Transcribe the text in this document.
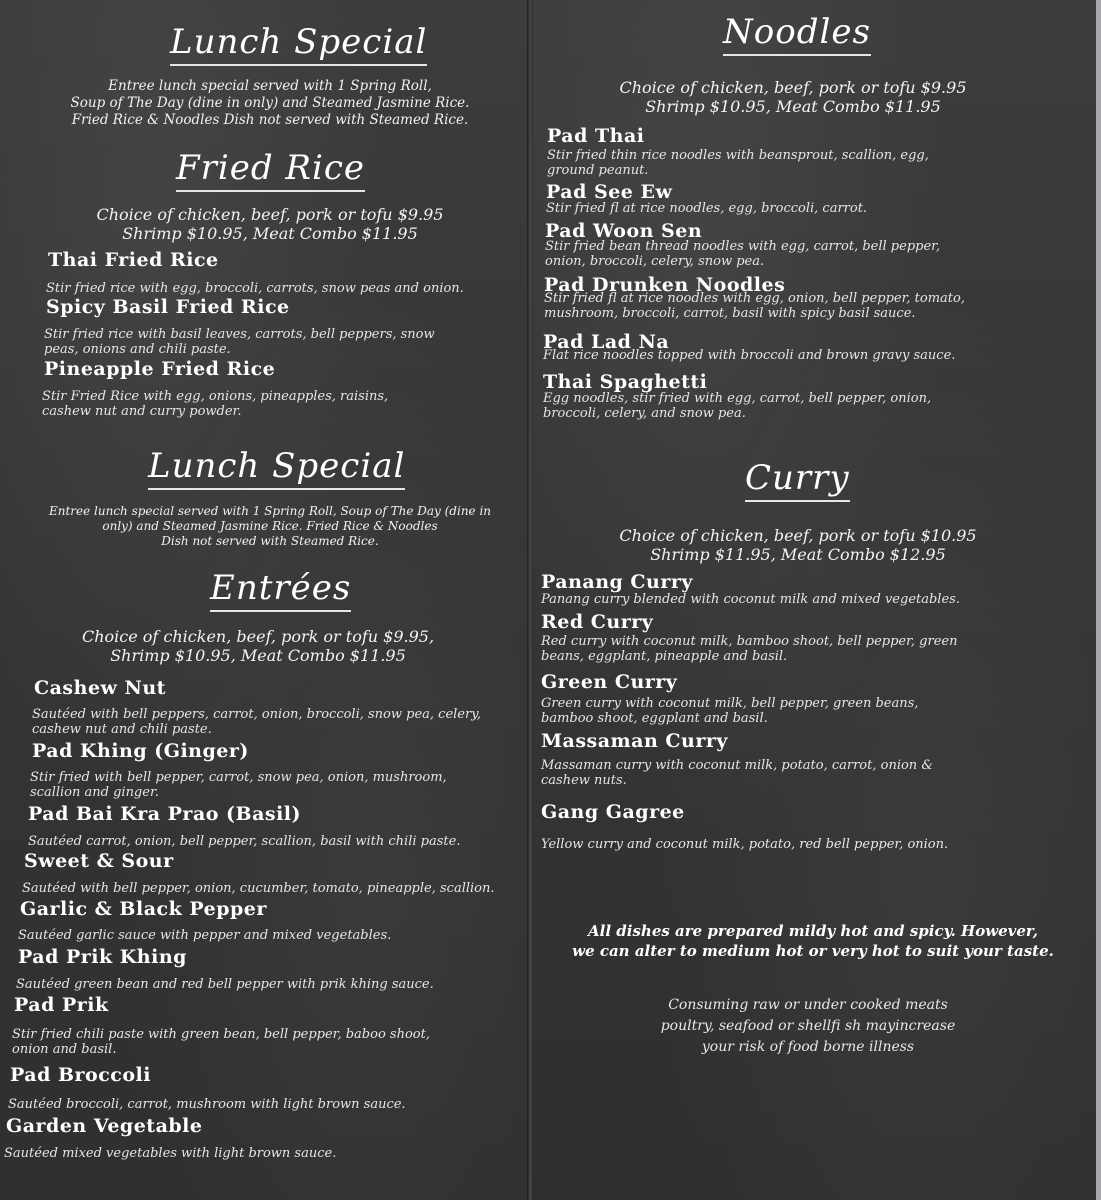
Lunch Special
Entree lunch special served with 1 Spring Roll,
Soup of The Day (dine in only) and Steamed Jasmine Rice.
Fried Rice & Noodles Dish not served with Steamed Rice.
Fried Rice
Choice of chicken, beef, pork or tofu $9.95
Shrimp $10.95, Meat Combo $11.95
Thai Fried Rice
Stir fried rice with egg, broccoli, carrots, snow peas and onion.
Spicy Basil Fried Rice
Stir fried rice with basil leaves, carrots, bell peppers, snow
peas, onions and chili paste.
Pineapple Fried Rice
Stir Fried Rice with egg, onions, pineapples, raisins,
cashew nut and curry powder.
Lunch Special
Entree lunch special served with 1 Spring Roll, Soup of The Day (dine in
only) and Steamed Jasmine Rice. Fried Rice & Noodles
Dish not served with Steamed Rice.
Entrées
Choice of chicken, beef, pork or tofu $9.95,
Shrimp $10.95, Meat Combo $11.95
Cashew Nut
Sautéed with bell peppers, carrot, onion, broccoli, snow pea, celery,
cashew nut and chili paste.
Pad Khing (Ginger)
Stir fried with bell pepper, carrot, snow pea, onion, mushroom,
scallion and ginger.
Pad Bai Kra Prao (Basil)
Sautéed carrot, onion, bell pepper, scallion, basil with chili paste.
Sweet & Sour
Sautéed with bell pepper, onion, cucumber, tomato, pineapple, scallion.
Garlic & Black Pepper
Sautéed garlic sauce with pepper and mixed vegetables.
Pad Prik Khing
Sautéed green bean and red bell pepper with prik khing sauce.
Pad Prik
Stir fried chili paste with green bean, bell pepper, baboo shoot,
onion and basil.
Pad Broccoli
Sautéed broccoli, carrot, mushroom with light brown sauce.
Garden Vegetable
Sautéed mixed vegetables with light brown sauce.
Noodles
Choice of chicken, beef, pork or tofu $9.95
Shrimp $10.95, Meat Combo $11.95
Pad Thai
Stir fried thin rice noodles with beansprout, scallion, egg,
ground peanut.
Pad See Ew
Stir fried fl at rice noodles, egg, broccoli, carrot.
Pad Woon Sen
Stir fried bean thread noodles with egg, carrot, bell pepper,
onion, broccoli, celery, snow pea.
Pad Drunken Noodles
Stir fried fl at rice noodles with egg, onion, bell pepper, tomato,
mushroom, broccoli, carrot, basil with spicy basil sauce.
Pad Lad Na
Flat rice noodles topped with broccoli and brown gravy sauce.
Thai Spaghetti
Egg noodles, stir fried with egg, carrot, bell pepper, onion,
broccoli, celery, and snow pea.
Curry
Choice of chicken, beef, pork or tofu $10.95
Shrimp $11.95, Meat Combo $12.95
Panang Curry
Panang curry blended with coconut milk and mixed vegetables.
Red Curry
Red curry with coconut milk, bamboo shoot, bell pepper, green
beans, eggplant, pineapple and basil.
Green Curry
Green curry with coconut milk, bell pepper, green beans,
bamboo shoot, eggplant and basil.
Massaman Curry
Massaman curry with coconut milk, potato, carrot, onion &
cashew nuts.
Gang Gagree
Yellow curry and coconut milk, potato, red bell pepper, onion.
All dishes are prepared mildy hot and spicy. However,
we can alter to medium hot or very hot to suit your taste.
Consuming raw or under cooked meats
poultry, seafood or shellfi sh mayincrease
your risk of food borne illness
